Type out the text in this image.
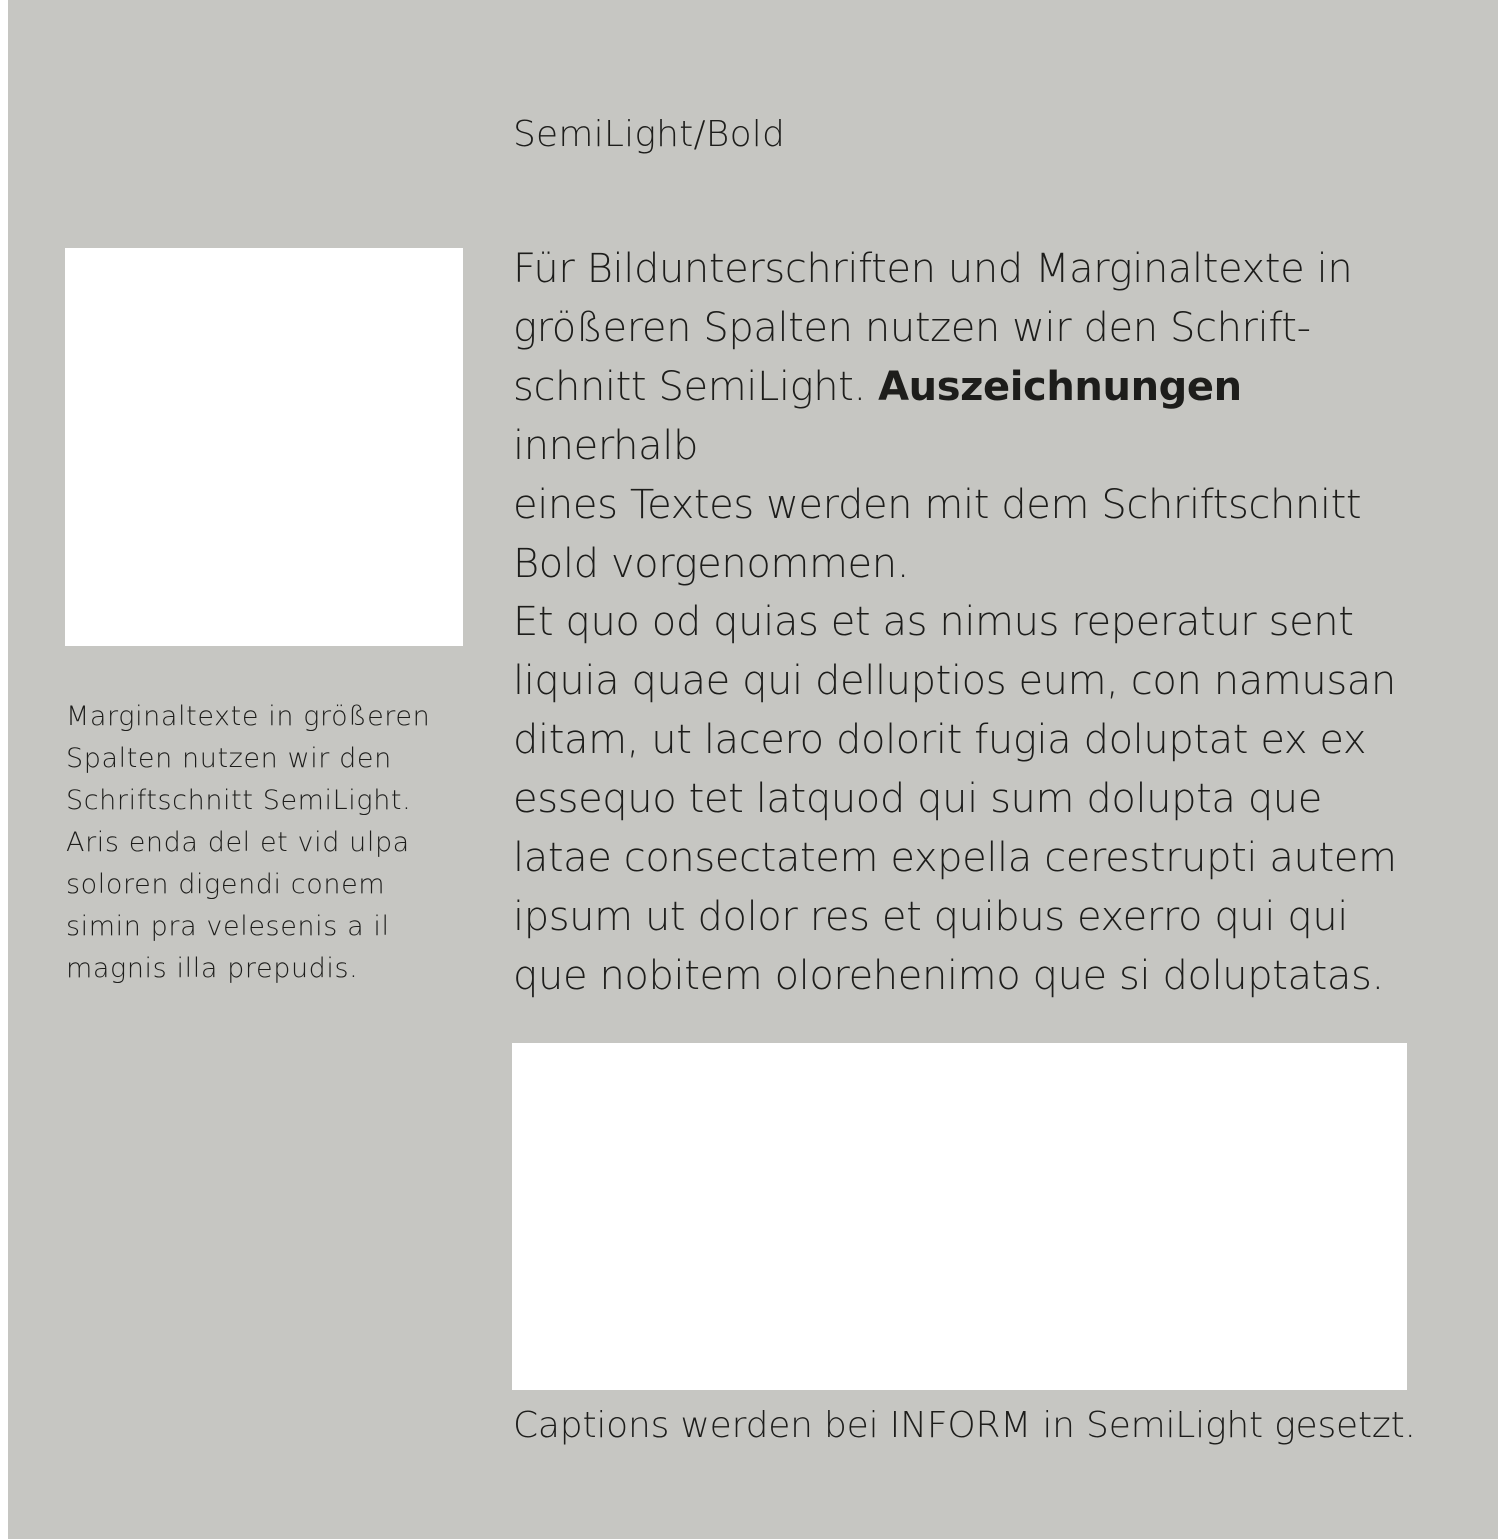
SemiLight/Bold
Marginaltexte in größeren
Spalten nutzen wir den
Schriftschnitt SemiLight.
Aris enda del et vid ulpa
soloren digendi conem
simin pra velesenis a il
magnis illa prepudis.
Für Bildunterschriften und Marginaltexte in
größeren Spalten nutzen wir den Schrift-
schnitt SemiLight. Auszeichnungen innerhalb
eines Textes werden mit dem Schriftschnitt
Bold vorgenommen.
Et quo od quias et as nimus reperatur sent
liquia quae qui delluptios eum, con namusan
ditam, ut lacero dolorit fugia doluptat ex ex
essequo tet latquod qui sum dolupta que
latae consectatem expella cerestrupti autem
ipsum ut dolor res et quibus exerro qui qui
que nobitem olorehenimo que si doluptatas.
Captions werden bei INFORM in SemiLight gesetzt.
